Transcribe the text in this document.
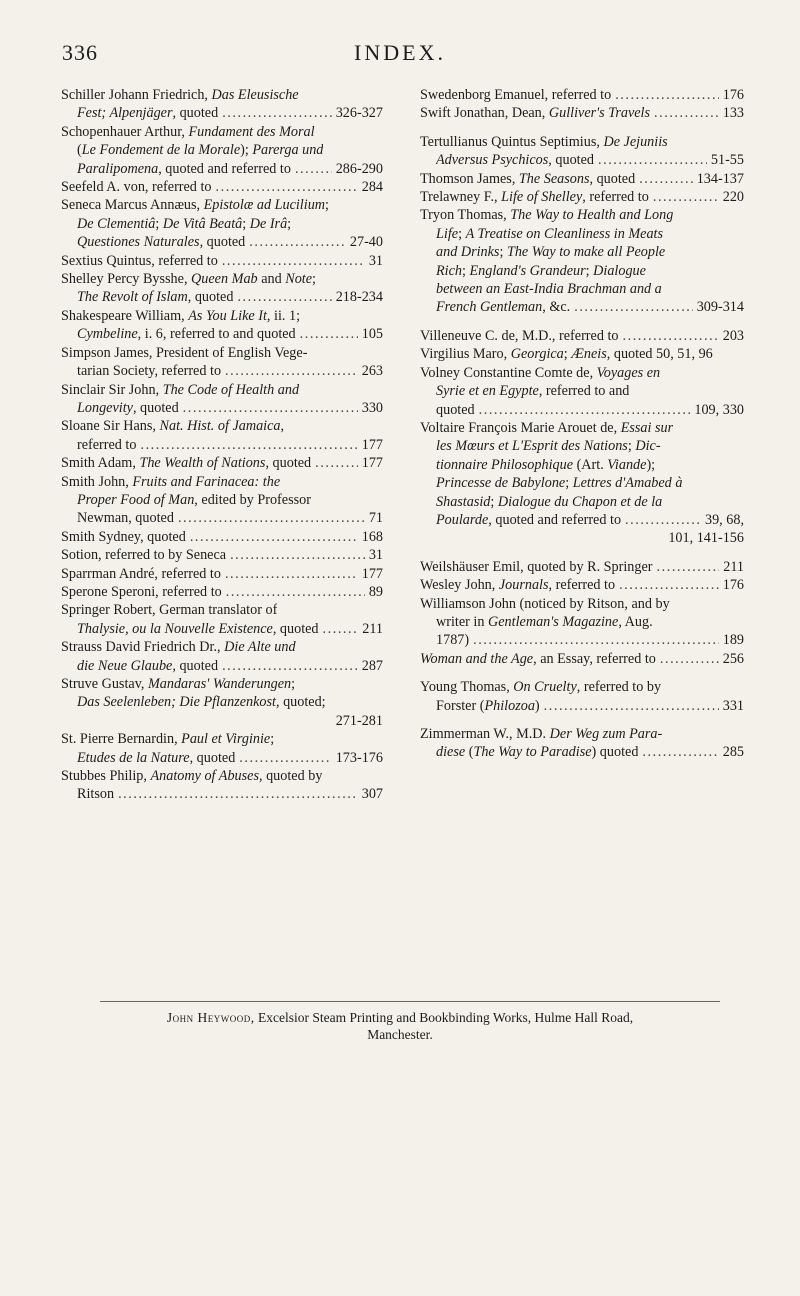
336	INDEX.
Schiller Johann Friedrich, Das Eleusische
Fest; Alpenjäger, quoted . . .	326-327
Schopenhauer Arthur, Fundament des Moral
(Le Fondement de la Morale); Parerga und
Paralipomena, quoted and referred to . . .	286-290
Seefeld A. von, referred to . . .	284
Seneca Marcus Annæus, Epistolæ ad Lucilium;
De Clementiâ; De Vitâ Beatâ; De Irâ;
Questiones Naturales, quoted . . .	27-40
Sextius Quintus, referred to . . .	31
Shelley Percy Bysshe, Queen Mab and Note;
The Revolt of Islam, quoted . . .	218-234
Shakespeare William, As You Like It, ii. 1;
Cymbeline, i. 6, referred to and quoted . . .	105
Simpson James, President of English Vege-
tarian Society, referred to . . .	263
Sinclair Sir John, The Code of Health and
Longevity, quoted . . .	330
Sloane Sir Hans, Nat. Hist. of Jamaica,
referred to . . .	177
Smith Adam, The Wealth of Nations, quoted . . .	177
Smith John, Fruits and Farinacea: the
Proper Food of Man, edited by Professor
Newman, quoted . . .	71
Smith Sydney, quoted . . .	168
Sotion, referred to by Seneca . . .	31
Sparrman André, referred to . . .	177
Sperone Speroni, referred to . . .	89
Springer Robert, German translator of
Thalysie, ou la Nouvelle Existence, quoted . . .	211
Strauss David Friedrich Dr., Die Alte und
die Neue Glaube, quoted . . .	287
Struve Gustav, Mandaras' Wanderungen;
Das Seelenleben; Die Pflanzenkost, quoted;
271-281
St. Pierre Bernardin, Paul et Virginie;
Etudes de la Nature, quoted . . .	173-176
Stubbes Philip, Anatomy of Abuses, quoted by
Ritson . . .	307
Swedenborg Emanuel, referred to . . .	176
Swift Jonathan, Dean, Gulliver's Travels . . .	133
Tertullianus Quintus Septimius, De Jejuniis
Adversus Psychicos, quoted . . .	51-55
Thomson James, The Seasons, quoted . . .	134-137
Trelawney F., Life of Shelley, referred to . . .	220
Tryon Thomas, The Way to Health and Long
Life; A Treatise on Cleanliness in Meats
and Drinks; The Way to make all People
Rich; England's Grandeur; Dialogue
between an East-India Brachman and a
French Gentleman, &c. . . .	309-314
Villeneuve C. de, M.D., referred to . . .	203
Virgilius Maro, Georgica; Æneis, quoted 50, 51, 96
Volney Constantine Comte de, Voyages en
Syrie et en Egypte, referred to and
quoted . . .	109, 330
Voltaire François Marie Arouet de, Essai sur
les Mœurs et L'Esprit des Nations; Dic-
tionnaire Philosophique (Art. Viande);
Princesse de Babylone; Lettres d'Amabed à
Shastasid; Dialogue du Chapon et de la
Poularde, quoted and referred to . . .	39, 68,
101, 141-156
Weilshäuser Emil, quoted by R. Springer . . .	211
Wesley John, Journals, referred to . . .	176
Williamson John (noticed by Ritson, and by
writer in Gentleman's Magazine, Aug.
1787) . . .	189
Woman and the Age, an Essay, referred to . . .	256
Young Thomas, On Cruelty, referred to by
Forster (Philozoa) . . .	331
Zimmerman W., M.D. Der Weg zum Para-
diese (The Way to Paradise) quoted . . .	285
John Heywood, Excelsior Steam Printing and Bookbinding Works, Hulme Hall Road,
Manchester.
